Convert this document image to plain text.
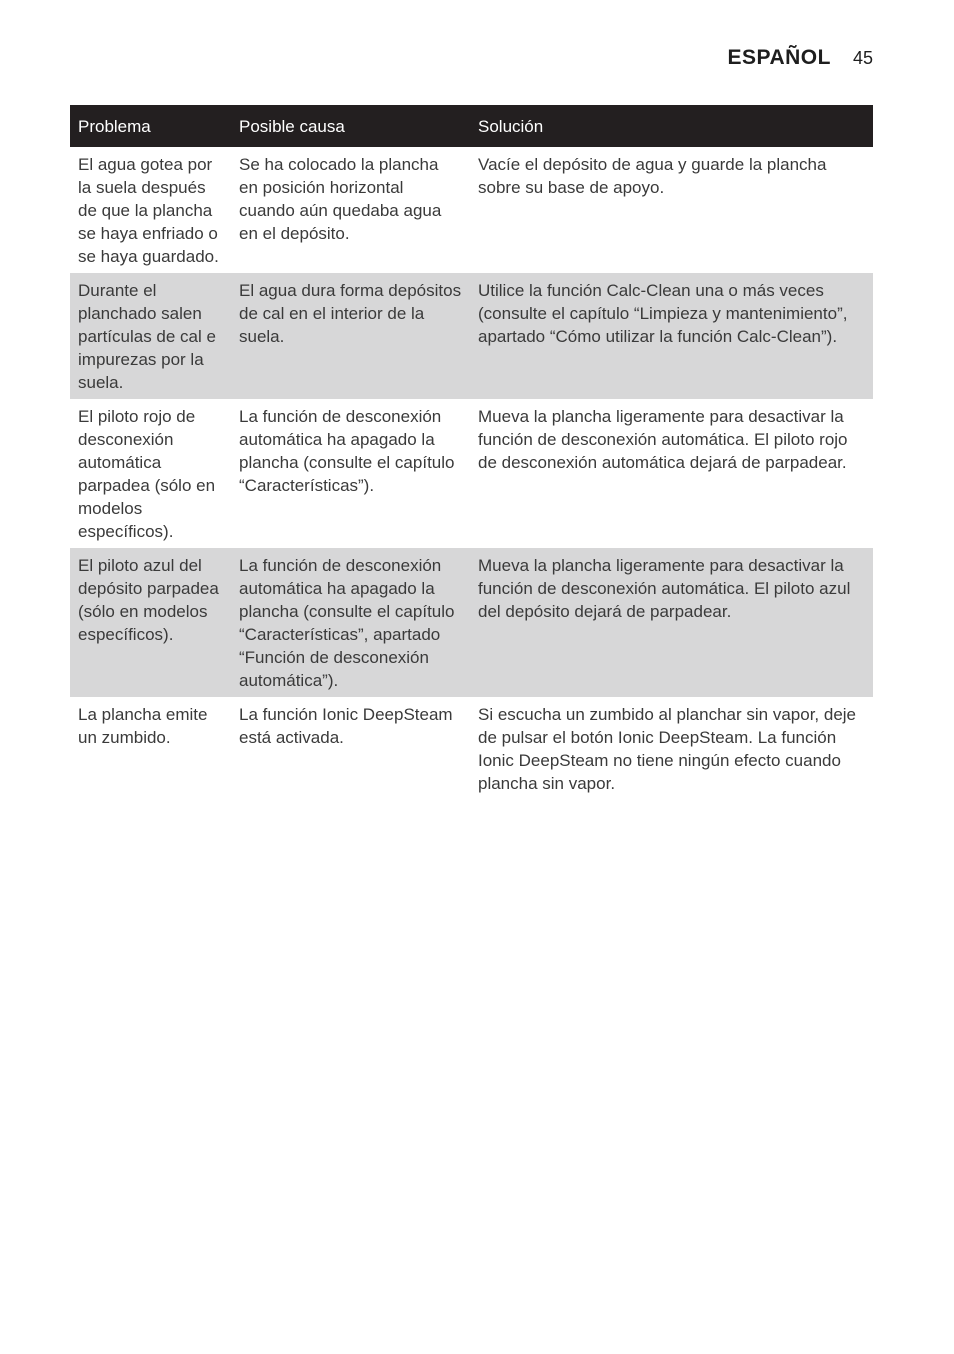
ESPAÑOL 45
Problema	Posible causa	Solución
El agua gotea por la suela después de que la plancha se haya enfriado o se haya guardado.	Se ha colocado la plancha en posición horizontal cuando aún quedaba agua en el depósito.	Vacíe el depósito de agua y guarde la plancha sobre su base de apoyo.
Durante el planchado salen partículas de cal e impurezas por la suela.	El agua dura forma depósitos de cal en el interior de la suela.	Utilice la función Calc-Clean una o más veces (consulte el capítulo “Limpieza y mantenimiento”, apartado “Cómo utilizar la función Calc-Clean”).
El piloto rojo de desconexión automática parpadea (sólo en modelos específicos).	La función de desconexión automática ha apagado la plancha (consulte el capítulo “Características”).	Mueva la plancha ligeramente para desactivar la función de desconexión automática. El piloto rojo de desconexión automática dejará de parpadear.
El piloto azul del depósito parpadea (sólo en modelos específicos).	La función de desconexión automática ha apagado la plancha (consulte el capítulo “Características”, apartado “Función de desconexión automática”).	Mueva la plancha ligeramente para desactivar la función de desconexión automática. El piloto azul del depósito dejará de parpadear.
La plancha emite un zumbido.	La función Ionic DeepSteam está activada.	Si escucha un zumbido al planchar sin vapor, deje de pulsar el botón Ionic DeepSteam. La función Ionic DeepSteam no tiene ningún efecto cuando plancha sin vapor.
